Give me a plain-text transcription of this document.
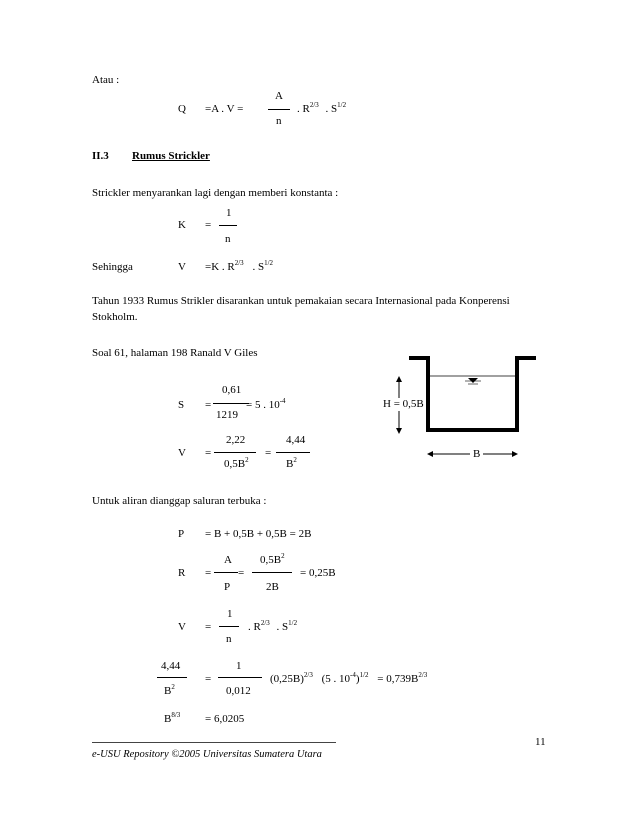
Atau :
Q =A . V =
A
n
. $R^{2/3}$ . $S^{1/2}$
II.3 Rumus Strickler
Strickler menyarankan lagi dengan memberi konstanta :
K =
1
n
Sehingga	V =K . $R^{2/3}$ . $S^{1/2}$
Tahun 1933 Rumus Strikler disarankan untuk pemakaian secara Internasional pada Konperensi
Stokholm.
Soal 61, halaman 198 Ranald V Giles
S =
0,61
1219
= 5 . $10^{-4}$
V =
2,22
$0,5B^2$
=
4,44
$B^2$
H = 0,5B
B
Untuk aliran dianggap saluran terbuka :
P = B + 0,5B + 0,5B = 2B
R =
A
P
=
$0,5B^2$
2B
= 0,25B
V =
1
n
. $R^{2/3}$ . $S^{1/2}$
4,44
$B^2$
=
1
0,012
$(0,25B)^{2/3}$ (5 . $10^{-4})^{1/2} = 0,739B^{2/3}$
$B^{8/3} = 6,0205$
11
e-USU Repository ©2005 Universitas Sumatera Utara
